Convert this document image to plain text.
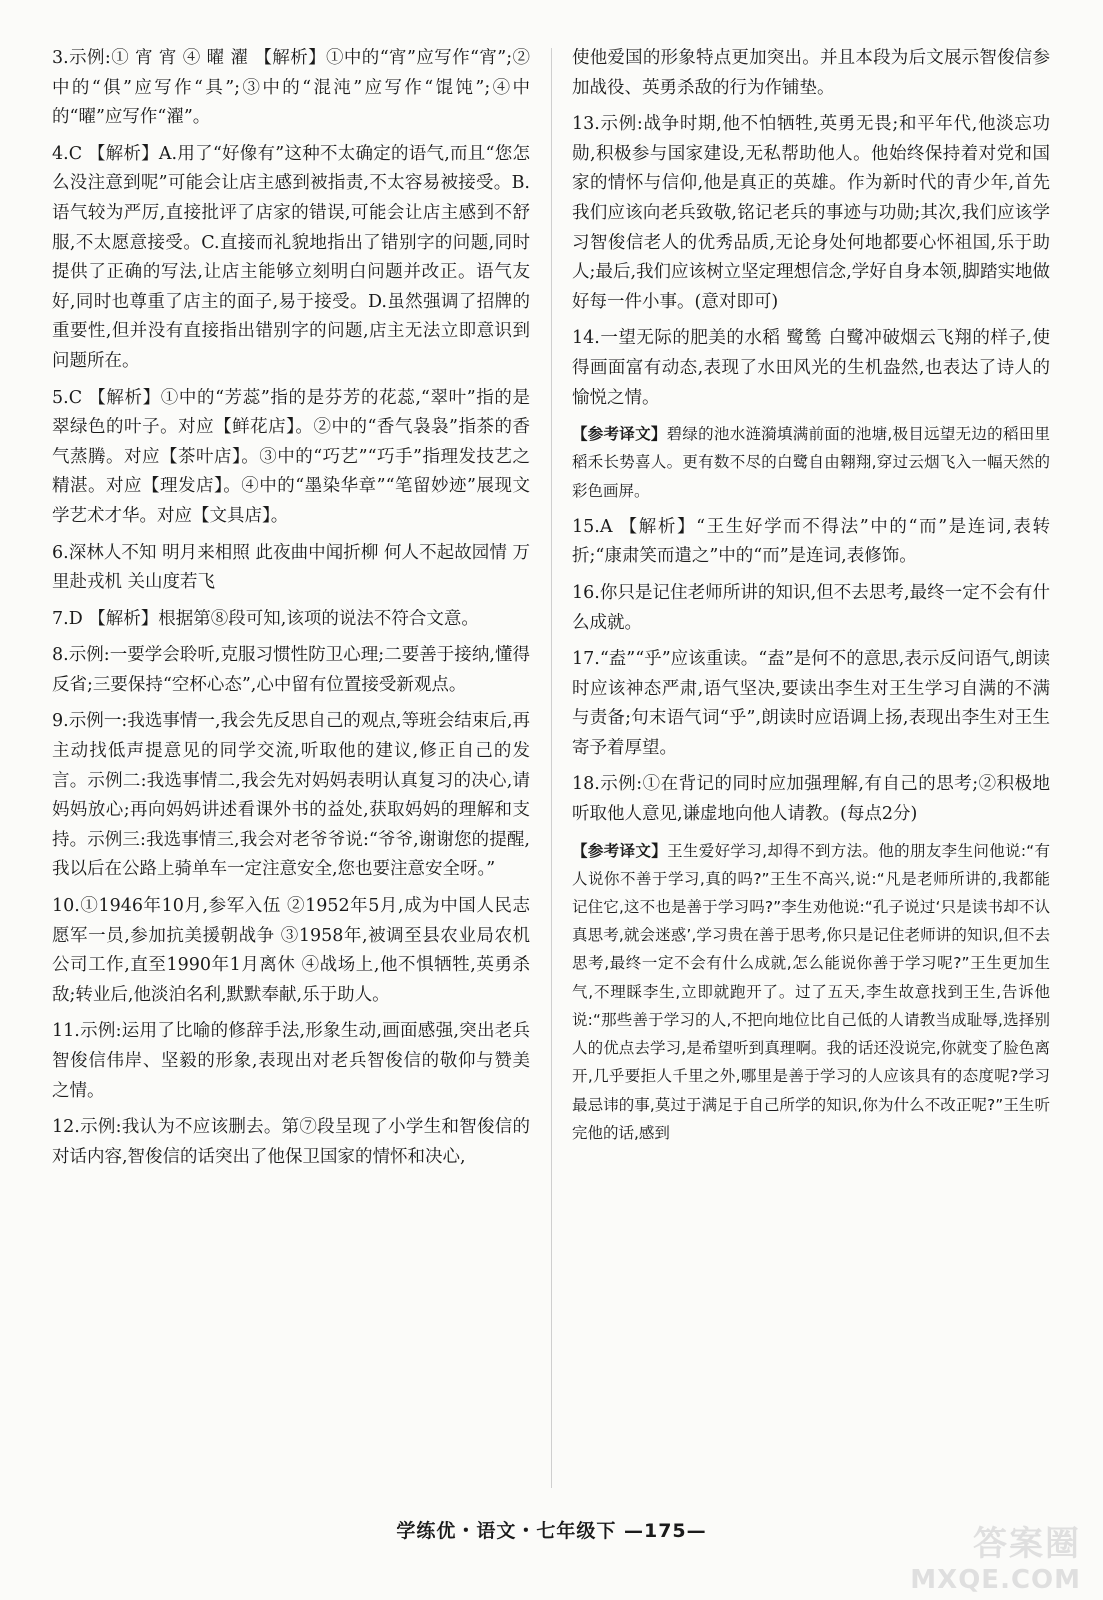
3.示例:① 宵 宵 ④ 曜 濯 【解析】①中的“宵”应写作“宵”;②中的“俱”应写作“具”;③中的“混沌”应写作“馄饨”;④中的“曜”应写作“濯”。

4.C 【解析】A.用了“好像有”这种不太确定的语气,而且“您怎么没注意到呢”可能会让店主感到被指责,不太容易被接受。B.语气较为严厉,直接批评了店家的错误,可能会让店主感到不舒服,不太愿意接受。C.直接而礼貌地指出了错别字的问题,同时提供了正确的写法,让店主能够立刻明白问题并改正。语气友好,同时也尊重了店主的面子,易于接受。D.虽然强调了招牌的重要性,但并没有直接指出错别字的问题,店主无法立即意识到问题所在。

5.C 【解析】①中的“芳蕊”指的是芬芳的花蕊,“翠叶”指的是翠绿色的叶子。对应【鲜花店】。②中的“香气袅袅”指茶的香气蒸腾。对应【茶叶店】。③中的“巧艺”“巧手”指理发技艺之精湛。对应【理发店】。④中的“墨染华章”“笔留妙迹”展现文学艺术才华。对应【文具店】。

6.深林人不知 明月来相照 此夜曲中闻折柳 何人不起故园情 万里赴戎机 关山度若飞

7.D 【解析】根据第⑧段可知,该项的说法不符合文意。

8.示例:一要学会聆听,克服习惯性防卫心理;二要善于接纳,懂得反省;三要保持“空杯心态”,心中留有位置接受新观点。

9.示例一:我选事情一,我会先反思自己的观点,等班会结束后,再主动找低声提意见的同学交流,听取他的建议,修正自己的发言。示例二:我选事情二,我会先对妈妈表明认真复习的决心,请妈妈放心;再向妈妈讲述看课外书的益处,获取妈妈的理解和支持。示例三:我选事情三,我会对老爷爷说:“爷爷,谢谢您的提醒,我以后在公路上骑单车一定注意安全,您也要注意安全呀。”

10.①1946年10月,参军入伍 ②1952年5月,成为中国人民志愿军一员,参加抗美援朝战争 ③1958年,被调至县农业局农机公司工作,直至1990年1月离休 ④战场上,他不惧牺牲,英勇杀敌;转业后,他淡泊名利,默默奉献,乐于助人。

11.示例:运用了比喻的修辞手法,形象生动,画面感强,突出老兵智俊信伟岸、坚毅的形象,表现出对老兵智俊信的敬仰与赞美之情。

12.示例:我认为不应该删去。第⑦段呈现了小学生和智俊信的对话内容,智俊信的话突出了他保卫国家的情怀和决心,

使他爱国的形象特点更加突出。并且本段为后文展示智俊信参加战役、英勇杀敌的行为作铺垫。

13.示例:战争时期,他不怕牺牲,英勇无畏;和平年代,他淡忘功勋,积极参与国家建设,无私帮助他人。他始终保持着对党和国家的情怀与信仰,他是真正的英雄。作为新时代的青少年,首先我们应该向老兵致敬,铭记老兵的事迹与功勋;其次,我们应该学习智俊信老人的优秀品质,无论身处何地都要心怀祖国,乐于助人;最后,我们应该树立坚定理想信念,学好自身本领,脚踏实地做好每一件小事。(意对即可)

14.一望无际的肥美的水稻 鹭鸶 白鹭冲破烟云飞翔的样子,使得画面富有动态,表现了水田风光的生机盎然,也表达了诗人的愉悦之情。

【参考译文】碧绿的池水涟漪填满前面的池塘,极目远望无边的稻田里稻禾长势喜人。更有数不尽的白鹭自由翱翔,穿过云烟飞入一幅天然的彩色画屏。

15.A 【解析】“王生好学而不得法”中的“而”是连词,表转折;“康肃笑而遣之”中的“而”是连词,表修饰。

16.你只是记住老师所讲的知识,但不去思考,最终一定不会有什么成就。

17.“盍”“乎”应该重读。“盍”是何不的意思,表示反问语气,朗读时应该神态严肃,语气坚决,要读出李生对王生学习自满的不满与责备;句末语气词“乎”,朗读时应语调上扬,表现出李生对王生寄予着厚望。

18.示例:①在背记的同时应加强理解,有自己的思考;②积极地听取他人意见,谦虚地向他人请教。(每点2分)

【参考译文】王生爱好学习,却得不到方法。他的朋友李生问他说:“有人说你不善于学习,真的吗?”王生不高兴,说:“凡是老师所讲的,我都能记住它,这不也是善于学习吗?”李生劝他说:“孔子说过‘只是读书却不认真思考,就会迷惑’,学习贵在善于思考,你只是记住老师讲的知识,但不去思考,最终一定不会有什么成就,怎么能说你善于学习呢?”王生更加生气,不理睬李生,立即就跑开了。过了五天,李生故意找到王生,告诉他说:“那些善于学习的人,不把向地位比自己低的人请教当成耻辱,选择别人的优点去学习,是希望听到真理啊。我的话还没说完,你就变了脸色离开,几乎要拒人千里之外,哪里是善于学习的人应该具有的态度呢?学习最忌讳的事,莫过于满足于自己所学的知识,你为什么不改正呢?”王生听完他的话,感到

学练优・语文・七年级下 —175—	答案圈
MXQE.COM
